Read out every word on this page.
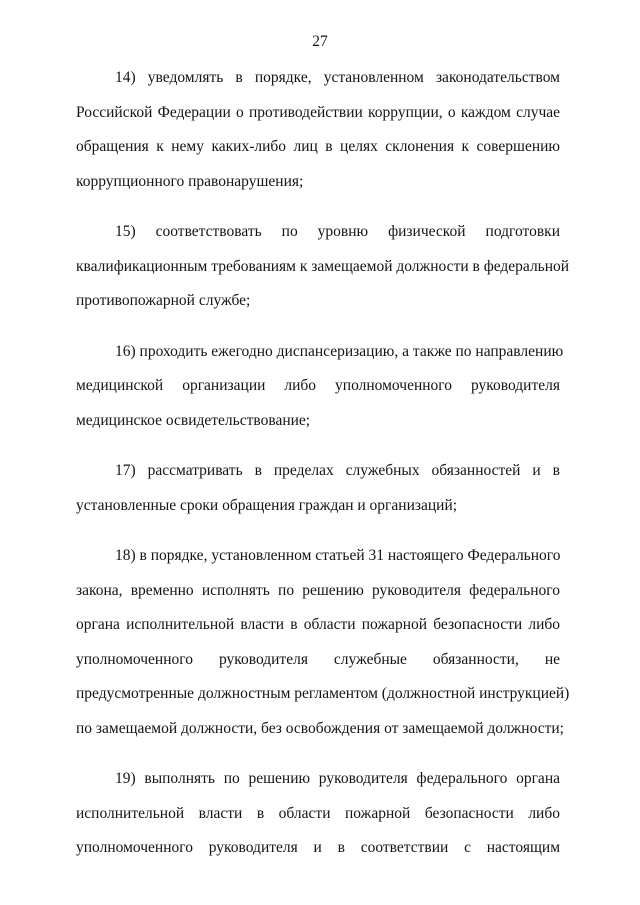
27
14) уведомлять в порядке, установленном законодательством
Российской Федерации о противодействии коррупции, о каждом случае
обращения к нему каких-либо лиц в целях склонения к совершению
коррупционного правонарушения;
15) соответствовать по уровню физической подготовки
квалификационным требованиям к замещаемой должности в федеральной
противопожарной службе;
16) проходить ежегодно диспансеризацию, а также по направлению
медицинской организации либо уполномоченного руководителя
медицинское освидетельствование;
17) рассматривать в пределах служебных обязанностей и в
установленные сроки обращения граждан и организаций;
18) в порядке, установленном статьей 31 настоящего Федерального
закона, временно исполнять по решению руководителя федерального
органа исполнительной власти в области пожарной безопасности либо
уполномоченного руководителя служебные обязанности, не
предусмотренные должностным регламентом (должностной инструкцией)
по замещаемой должности, без освобождения от замещаемой должности;
19) выполнять по решению руководителя федерального органа
исполнительной власти в области пожарной безопасности либо
уполномоченного руководителя и в соответствии с настоящим
